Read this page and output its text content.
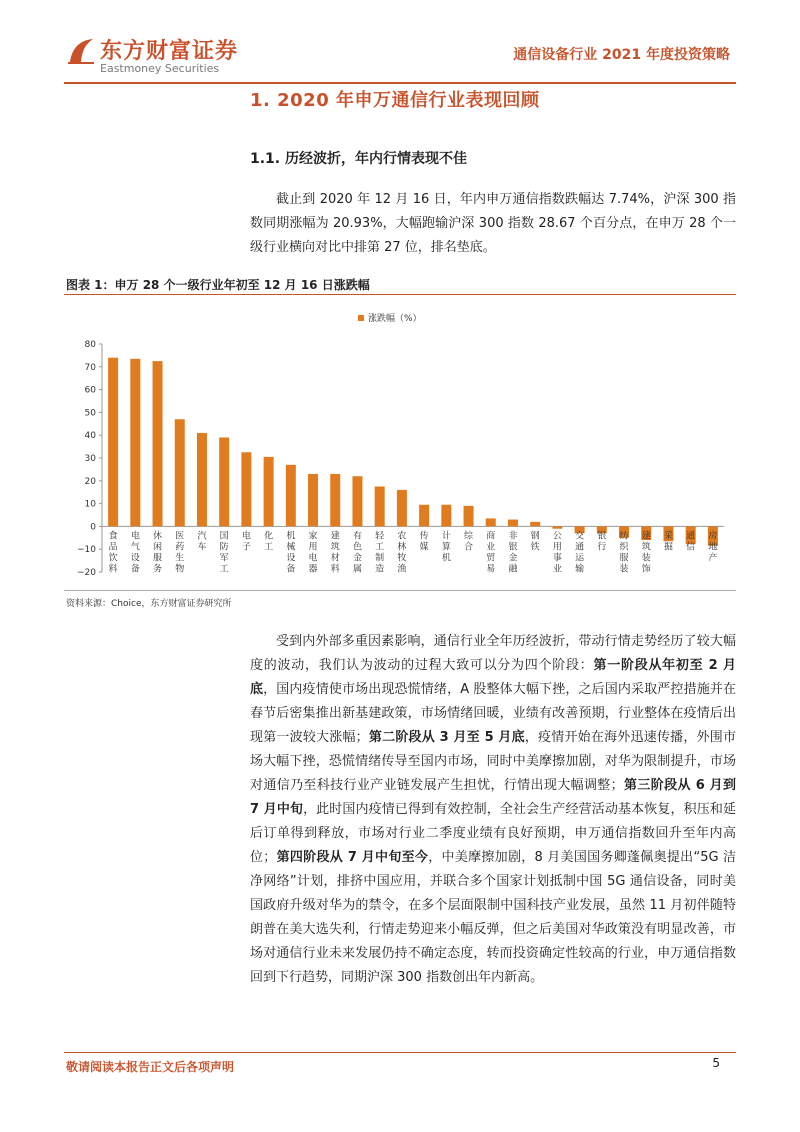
东方财富证券
Eastmoney Securities
通信设备行业 2021 年度投资策略
1. 2020 年申万通信行业表现回顾
1.1. 历经波折，年内行情表现不佳
截止到 2020 年 12 月 16 日，年内申万通信指数跌幅达 7.74%，沪深 300 指数同期涨幅为 20.93%，大幅跑输沪深 300 指数 28.67 个百分点，在申万 28 个一级行业横向对比中排第 27 位，排名垫底。
图表 1：申万 28 个一级行业年初至 12 月 16 日涨跌幅
涨跌幅（%）
80
70
60
50
40
30
20
10
0
−10
−20
食品饮料
电气设备
休闲服务
医药生物
汽车
国防军工
电子
化工
机械设备
家用电器
建筑材料
有色金属
轻工制造
农林牧渔
传媒
计算机
综合
商业贸易
非银金融
钢铁
公用事业
交通运输
银行
纺织服装
建筑装饰
采掘
通信
房地产
资料来源：Choice，东方财富证券研究所
受到内外部多重因素影响，通信行业全年历经波折，带动行情走势经历了较大幅度的波动，我们认为波动的过程大致可以分为四个阶段：第一阶段从年初至 2 月底，国内疫情使市场出现恐慌情绪，A 股整体大幅下挫，之后国内采取严控措施并在春节后密集推出新基建政策，市场情绪回暖，业绩有改善预期，行业整体在疫情后出现第一波较大涨幅；第二阶段从 3 月至 5 月底，疫情开始在海外迅速传播，外围市场大幅下挫，恐慌情绪传导至国内市场，同时中美摩擦加剧，对华为限制提升，市场对通信乃至科技行业产业链发展产生担忧，行情出现大幅调整；第三阶段从 6 月到 7 月中旬，此时国内疫情已得到有效控制，全社会生产经营活动基本恢复，积压和延后订单得到释放，市场对行业二季度业绩有良好预期，申万通信指数回升至年内高位；第四阶段从 7 月中旬至今，中美摩擦加剧，8 月美国国务卿蓬佩奥提出“5G 洁净网络”计划，排挤中国应用，并联合多个国家计划抵制中国 5G 通信设备，同时美国政府升级对华为的禁令，在多个层面限制中国科技产业发展，虽然 11 月初伴随特朗普在美大选失利，行情走势迎来小幅反弹，但之后美国对华政策没有明显改善，市场对通信行业未来发展仍持不确定态度，转而投资确定性较高的行业，申万通信指数回到下行趋势，同期沪深 300 指数创出年内新高。
敬请阅读本报告正文后各项声明	5
